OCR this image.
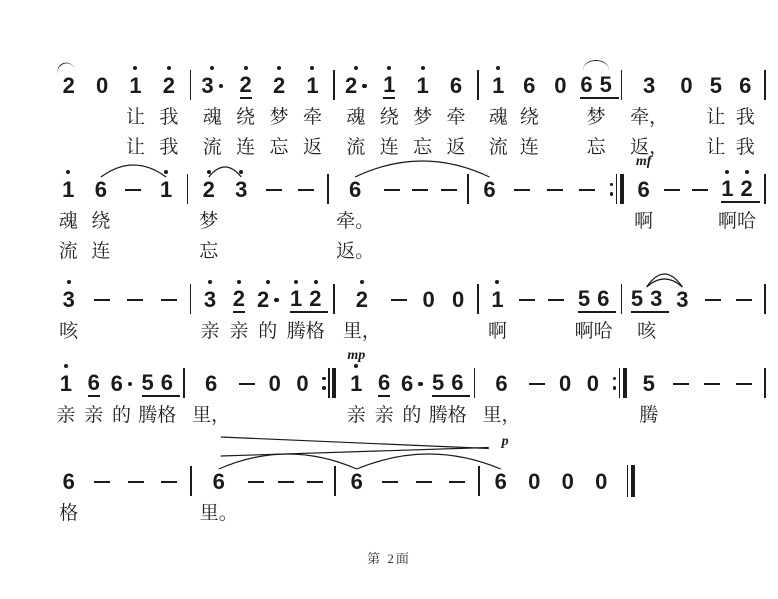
2 0 1
让
让
2
我
我
3
魂
流
2
绕
连
2
梦
忘
1
牵
返
2
魂
流
1
绕
连
1
梦
忘
6
牵
返
1
魂
流
6
绕
连
0 65
梦
忘
3
牵，
返，
0 5
让
让
6
我
我
1
魂
流
6
绕
连
1 2
梦
忘
3	6
牵。
返。
6
mf
6
啊
12
啊哈
3
咳
3
亲
2
亲
2
的
12
腾格
2
里，
0 0 1
啊
56
啊哈
53
咳
3
1
亲
6
亲
6
的
56
腾格
6
里，
0 0
mp
1
亲
6
亲
6
的
56
腾格
6
里，
0 0 5
腾
6
格
6
里。
6
p
6 0 0 0
第 2面
